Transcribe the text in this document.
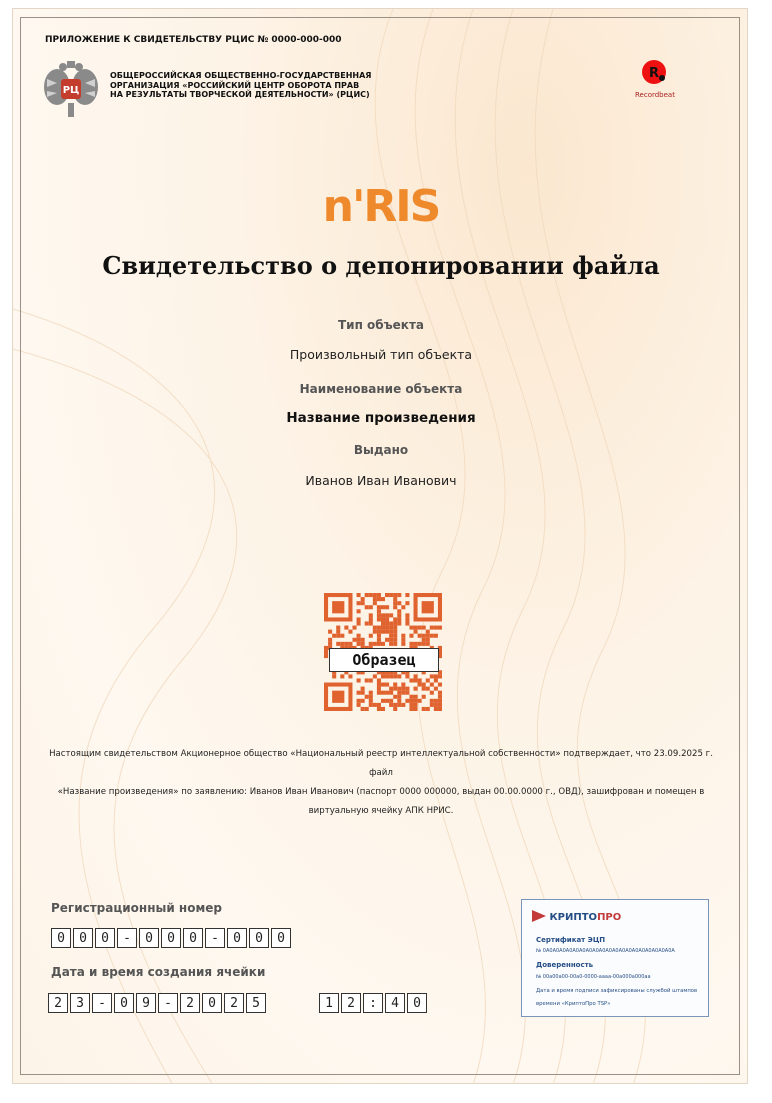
ПРИЛОЖЕНИЕ К СВИДЕТЕЛЬСТВУ РЦИС № 0000-000-000
РЦ
ОБЩЕРОССИЙСКАЯ ОБЩЕСТВЕННО-ГОСУДАРСТВЕННАЯ
ОРГАНИЗАЦИЯ «РОССИЙСКИЙ ЦЕНТР ОБОРОТА ПРАВ
НА РЕЗУЛЬТАТЫ ТВОРЧЕСКОЙ ДЕЯТЕЛЬНОСТИ» (РЦИС)
R
Recordbeat
n'RIS
Свидетельство о депонировании файла
Тип объекта
Произвольный тип объекта
Наименование объекта
Название произведения
Выдано
Иванов Иван Иванович
Образец
Настоящим свидетельством Акционерное общество «Национальный реестр интеллектуальной собственности» подтверждает, что 23.09.2025 г. файл
«Название произведения» по заявлению: Иванов Иван Иванович (паспорт 0000 000000, выдан 00.00.0000 г., ОВД), зашифрован и помещен в
виртуальную ячейку АПК НРИС.
Регистрационный номер
0	0	0	-	0	0	0	-	0	0	0
Дата и время создания ячейки
2	3	-	0	9	-	2	0	2	5	1	2	:	4	0
КРИПТОПРО
Сертификат ЭЦП
№ 0A0A0A0A0A0A0A0A0A0A0A0A0A0A0A0A0A0A0A0A
Доверенность
№ 00a00a00-00a0-0000-aaaa-00a000a000aa
Дата и время подписи зафиксированы службой штампов времени «КриптоПро TSP»
